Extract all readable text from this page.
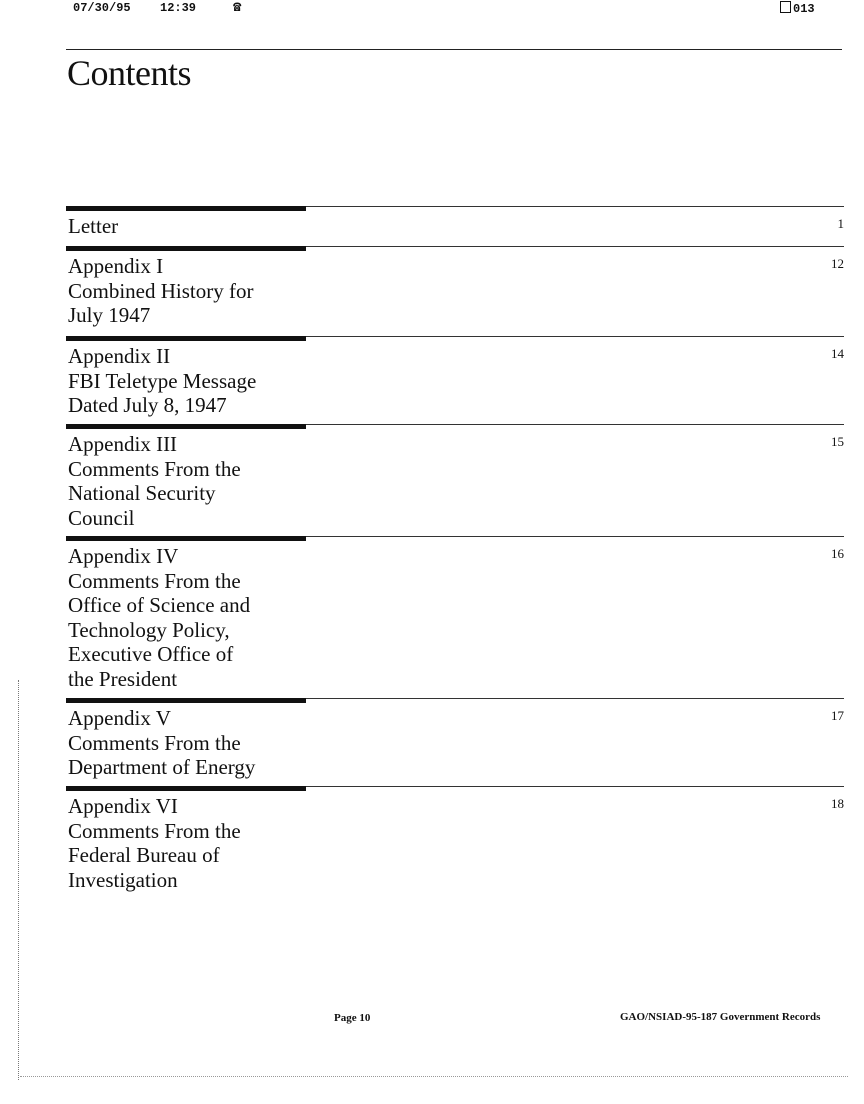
07/30/95 12:39	☎	013
Contents
Letter	1
Appendix I
Combined History for
July 1947
12
Appendix II
FBI Teletype Message
Dated July 8, 1947
14
Appendix III
Comments From the
National Security
Council
15
Appendix IV
Comments From the
Office of Science and
Technology Policy,
Executive Office of
the President
16
Appendix V
Comments From the
Department of Energy
17
Appendix VI
Comments From the
Federal Bureau of
Investigation
18
Page 10	GAO/NSIAD-95-187 Government Records
